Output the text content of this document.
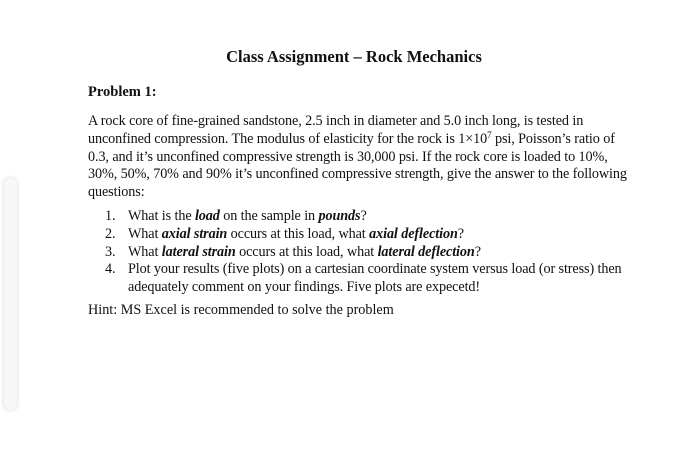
Class Assignment – Rock Mechanics
Problem 1:

A rock core of fine-grained sandstone, 2.5 inch in diameter and 5.0 inch long, is tested in unconfined compression. The modulus of elasticity for the rock is $1\times 10^7$ psi, Poisson’s ratio of 0.3, and it’s unconfined compressive strength is 30,000 psi. If the rock core is loaded to 10%, 30%, 50%, 70% and 90% it’s unconfined compressive strength, give the answer to the following questions:

1. What is the load on the sample in pounds?
2. What axial strain occurs at this load, what axial deflection?
3. What lateral strain occurs at this load, what lateral deflection?
4. Plot your results (five plots) on a cartesian coordinate system versus load (or stress) then adequately comment on your findings. Five plots are expecetd!

Hint: MS Excel is recommended to solve the problem
